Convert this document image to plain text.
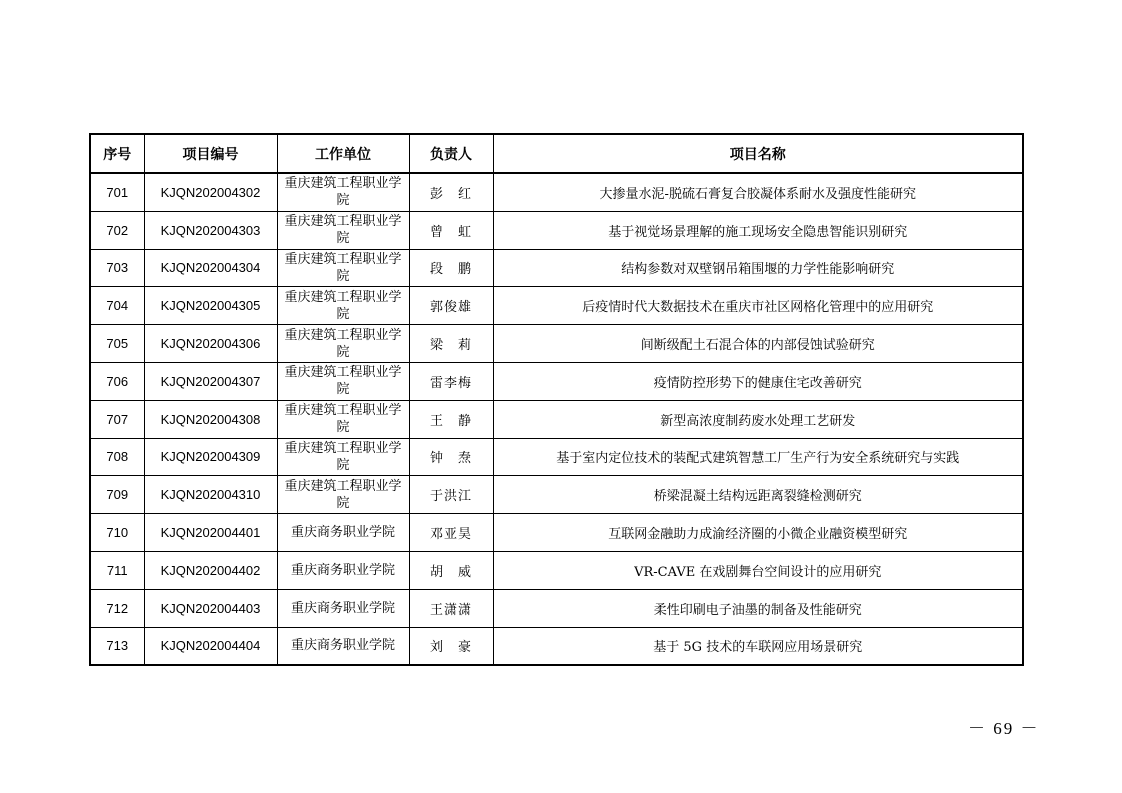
序号	项目编号	工作单位	负责人	项目名称
701	KJQN202004302	重庆建筑工程职业学院	彭　红	大掺量水泥-脱硫石膏复合胶凝体系耐水及强度性能研究
702	KJQN202004303	重庆建筑工程职业学院	曾　虹	基于视觉场景理解的施工现场安全隐患智能识别研究
703	KJQN202004304	重庆建筑工程职业学院	段　鹏	结构参数对双壁钢吊箱围堰的力学性能影响研究
704	KJQN202004305	重庆建筑工程职业学院	郭俊雄	后疫情时代大数据技术在重庆市社区网格化管理中的应用研究
705	KJQN202004306	重庆建筑工程职业学院	梁　莉	间断级配土石混合体的内部侵蚀试验研究
706	KJQN202004307	重庆建筑工程职业学院	雷李梅	疫情防控形势下的健康住宅改善研究
707	KJQN202004308	重庆建筑工程职业学院	王　静	新型高浓度制药废水处理工艺研发
708	KJQN202004309	重庆建筑工程职业学院	钟　焘	基于室内定位技术的装配式建筑智慧工厂生产行为安全系统研究与实践
709	KJQN202004310	重庆建筑工程职业学院	于洪江	桥梁混凝土结构远距离裂缝检测研究
710	KJQN202004401	重庆商务职业学院	邓亚昊	互联网金融助力成渝经济圈的小微企业融资模型研究
711	KJQN202004402	重庆商务职业学院	胡　威	VR-CAVE 在戏剧舞台空间设计的应用研究
712	KJQN202004403	重庆商务职业学院	王潇潇	柔性印刷电子油墨的制备及性能研究
713	KJQN202004404	重庆商务职业学院	刘　豪	基于 5G 技术的车联网应用场景研究
－ 69 －
